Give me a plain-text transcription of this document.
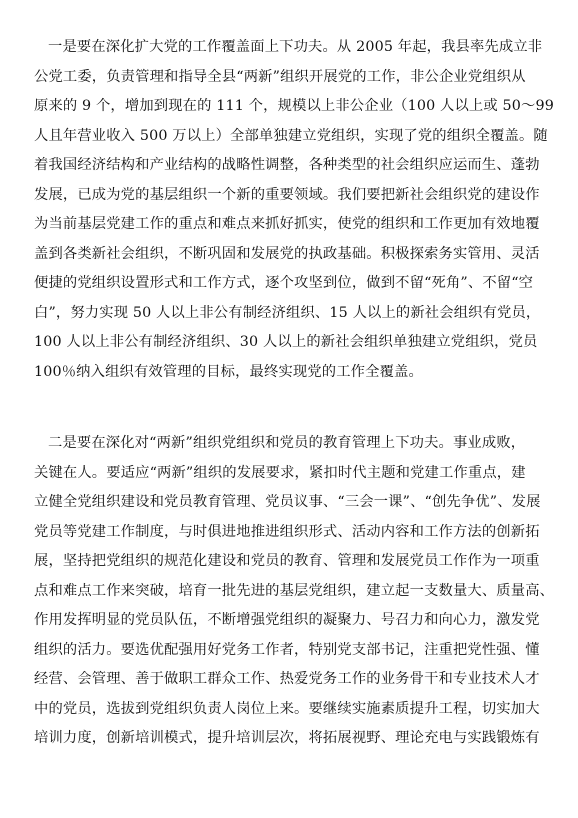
一是要在深化扩大党的工作覆盖面上下功夫。从 2005 年起，我县率先成立非
公党工委，负责管理和指导全县“两新”组织开展党的工作，非公企业党组织从
原来的 9 个，增加到现在的 111 个，规模以上非公企业（100 人以上或 50～99
人且年营业收入 500 万以上）全部单独建立党组织，实现了党的组织全覆盖。随
着我国经济结构和产业结构的战略性调整，各种类型的社会组织应运而生、蓬勃
发展，已成为党的基层组织一个新的重要领域。我们要把新社会组织党的建设作
为当前基层党建工作的重点和难点来抓好抓实，使党的组织和工作更加有效地覆
盖到各类新社会组织，不断巩固和发展党的执政基础。积极探索务实管用、灵活
便捷的党组织设置形式和工作方式，逐个攻坚到位，做到不留“死角”、不留“空
白”，努力实现 50 人以上非公有制经济组织、15 人以上的新社会组织有党员，
100 人以上非公有制经济组织、30 人以上的新社会组织单独建立党组织，党员
100％纳入组织有效管理的目标，最终实现党的工作全覆盖。
二是要在深化对“两新”组织党组织和党员的教育管理上下功夫。事业成败，
关键在人。要适应“两新”组织的发展要求，紧扣时代主题和党建工作重点，建
立健全党组织建设和党员教育管理、党员议事、“三会一课”、“创先争优”、发展
党员等党建工作制度，与时俱进地推进组织形式、活动内容和工作方法的创新拓
展，坚持把党组织的规范化建设和党员的教育、管理和发展党员工作作为一项重
点和难点工作来突破，培育一批先进的基层党组织，建立起一支数量大、质量高、
作用发挥明显的党员队伍，不断增强党组织的凝聚力、号召力和向心力，激发党
组织的活力。要选优配强用好党务工作者，特别党支部书记，注重把党性强、懂
经营、会管理、善于做职工群众工作、热爱党务工作的业务骨干和专业技术人才
中的党员，选拔到党组织负责人岗位上来。要继续实施素质提升工程，切实加大
培训力度，创新培训模式，提升培训层次，将拓展视野、理论充电与实践锻炼有
